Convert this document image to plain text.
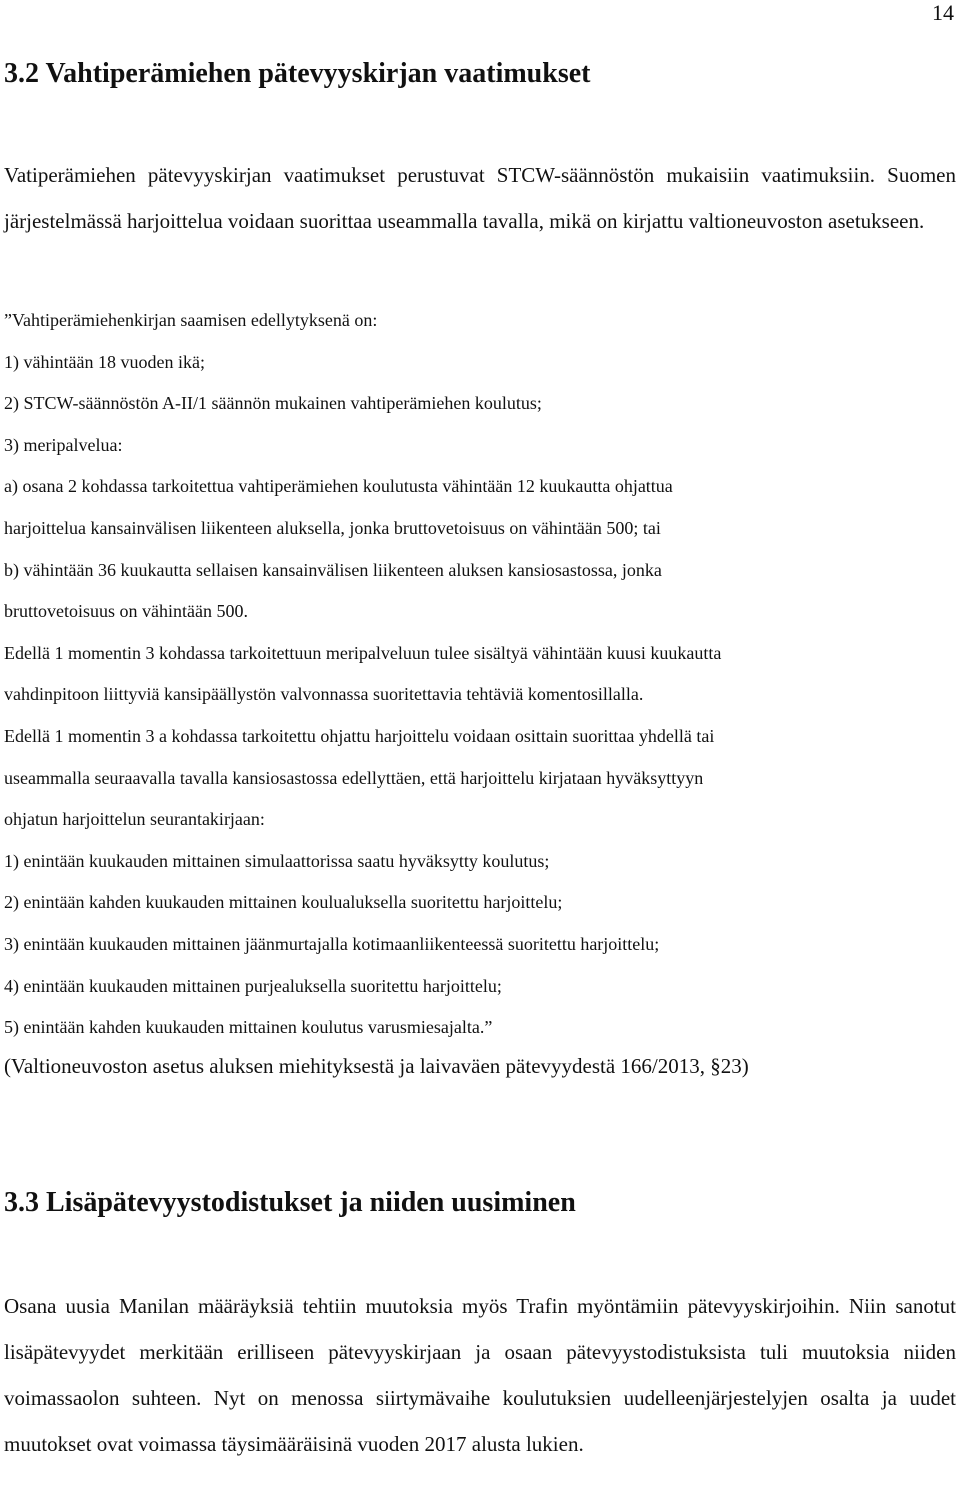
14
3.2 Vahtiperämiehen pätevyyskirjan vaatimukset

Vatiperämiehen pätevyyskirjan vaatimukset perustuvat STCW-säännöstön mukaisiin vaatimuksiin. Suomen järjestelmässä harjoittelua voidaan suorittaa useammalla tavalla, mikä on kirjattu valtioneuvoston asetukseen.

”Vahtiperämiehenkirjan saamisen edellytyksenä on:
1) vähintään 18 vuoden ikä;
2) STCW-säännöstön A-II/1 säännön mukainen vahtiperämiehen koulutus;
3) meripalvelua:
a) osana 2 kohdassa tarkoitettua vahtiperämiehen koulutusta vähintään 12 kuukautta ohjattua
harjoittelua kansainvälisen liikenteen aluksella, jonka bruttovetoisuus on vähintään 500; tai
b) vähintään 36 kuukautta sellaisen kansainvälisen liikenteen aluksen kansiosastossa, jonka
bruttovetoisuus on vähintään 500.
Edellä 1 momentin 3 kohdassa tarkoitettuun meripalveluun tulee sisältyä vähintään kuusi kuukautta
vahdinpitoon liittyviä kansipäällystön valvonnassa suoritettavia tehtäviä komentosillalla.
Edellä 1 momentin 3 a kohdassa tarkoitettu ohjattu harjoittelu voidaan osittain suorittaa yhdellä tai
useammalla seuraavalla tavalla kansiosastossa edellyttäen, että harjoittelu kirjataan hyväksyttyyn
ohjatun harjoittelun seurantakirjaan:
1) enintään kuukauden mittainen simulaattorissa saatu hyväksytty koulutus;
2) enintään kahden kuukauden mittainen koulualuksella suoritettu harjoittelu;
3) enintään kuukauden mittainen jäänmurtajalla kotimaanliikenteessä suoritettu harjoittelu;
4) enintään kuukauden mittainen purjealuksella suoritettu harjoittelu;
5) enintään kahden kuukauden mittainen koulutus varusmiesajalta.”
(Valtioneuvoston asetus aluksen miehityksestä ja laivaväen pätevyydestä 166/2013, §23)
3.3 Lisäpätevyystodistukset ja niiden uusiminen

Osana uusia Manilan määräyksiä tehtiin muutoksia myös Trafin myöntämiin pätevyyskirjoihin. Niin sanotut lisäpätevyydet merkitään erilliseen pätevyyskirjaan ja osaan pätevyystodistuksista tuli muutoksia niiden voimassaolon suhteen. Nyt on menossa siirtymävaihe koulutuksien uudelleenjärjestelyjen osalta ja uudet muutokset ovat voimassa täysimääräisinä vuoden 2017 alusta lukien.
